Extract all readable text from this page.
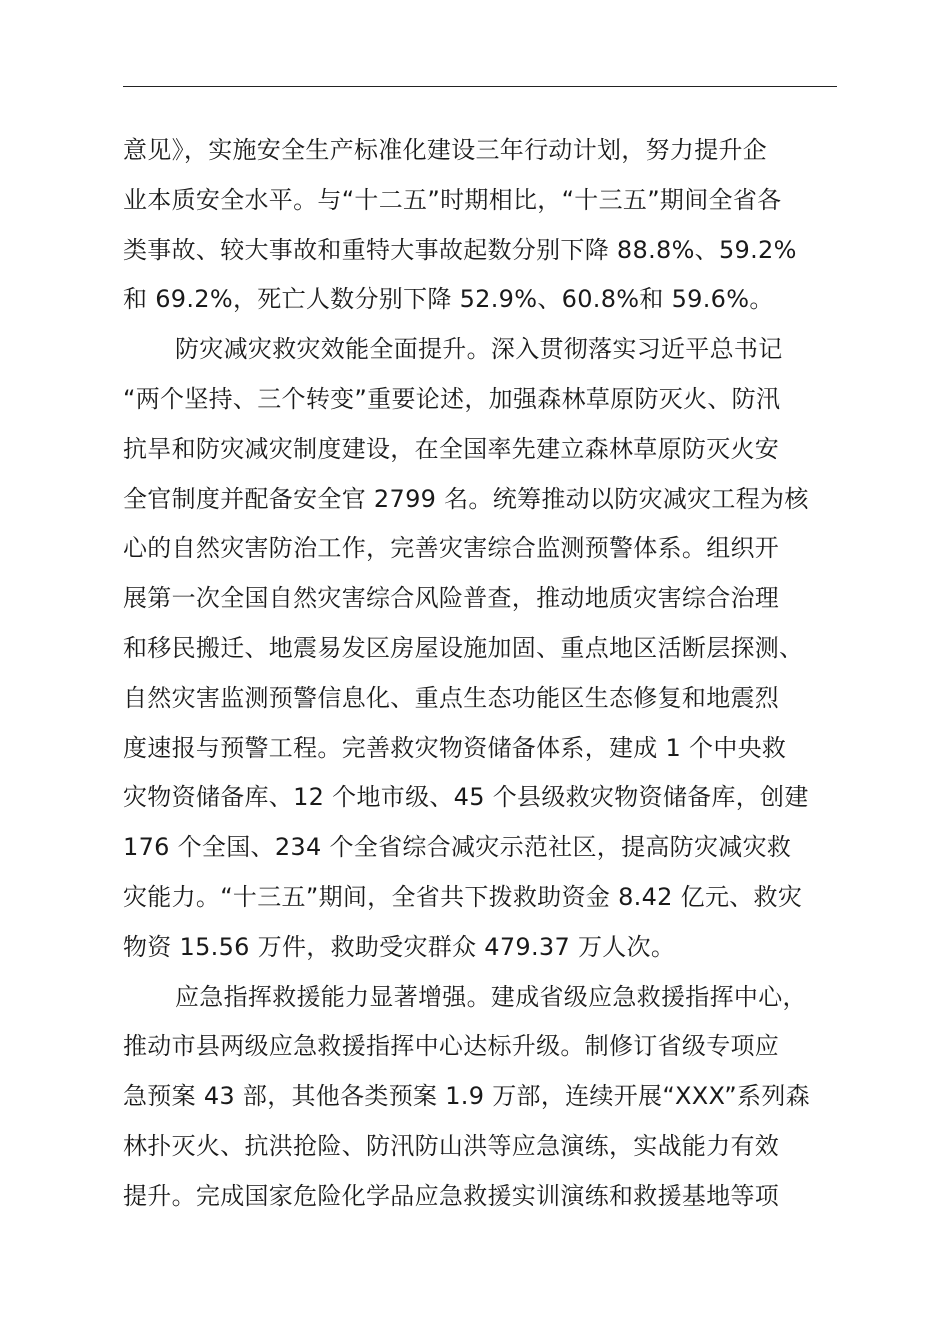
意见》，实施安全生产标准化建设三年行动计划，努力提升企
业本质安全水平。与“十二五”时期相比，“十三五”期间全省各
类事故、较大事故和重特大事故起数分别下降 88.8%、59.2%
和 69.2%，死亡人数分别下降 52.9%、60.8%和 59.6%。
防灾减灾救灾效能全面提升。深入贯彻落实习近平总书记
“两个坚持、三个转变”重要论述，加强森林草原防灭火、防汛
抗旱和防灾减灾制度建设，在全国率先建立森林草原防灭火安
全官制度并配备安全官 2799 名。统筹推动以防灾减灾工程为核
心的自然灾害防治工作，完善灾害综合监测预警体系。组织开
展第一次全国自然灾害综合风险普查，推动地质灾害综合治理
和移民搬迁、地震易发区房屋设施加固、重点地区活断层探测、
自然灾害监测预警信息化、重点生态功能区生态修复和地震烈
度速报与预警工程。完善救灾物资储备体系，建成 1 个中央救
灾物资储备库、12 个地市级、45 个县级救灾物资储备库，创建
176 个全国、234 个全省综合减灾示范社区，提高防灾减灾救
灾能力。“十三五”期间，全省共下拨救助资金 8.42 亿元、救灾
物资 15.56 万件，救助受灾群众 479.37 万人次。
应急指挥救援能力显著增强。建成省级应急救援指挥中心，
推动市县两级应急救援指挥中心达标升级。制修订省级专项应
急预案 43 部，其他各类预案 1.9 万部，连续开展“XXX”系列森
林扑灭火、抗洪抢险、防汛防山洪等应急演练，实战能力有效
提升。完成国家危险化学品应急救援实训演练和救援基地等项
